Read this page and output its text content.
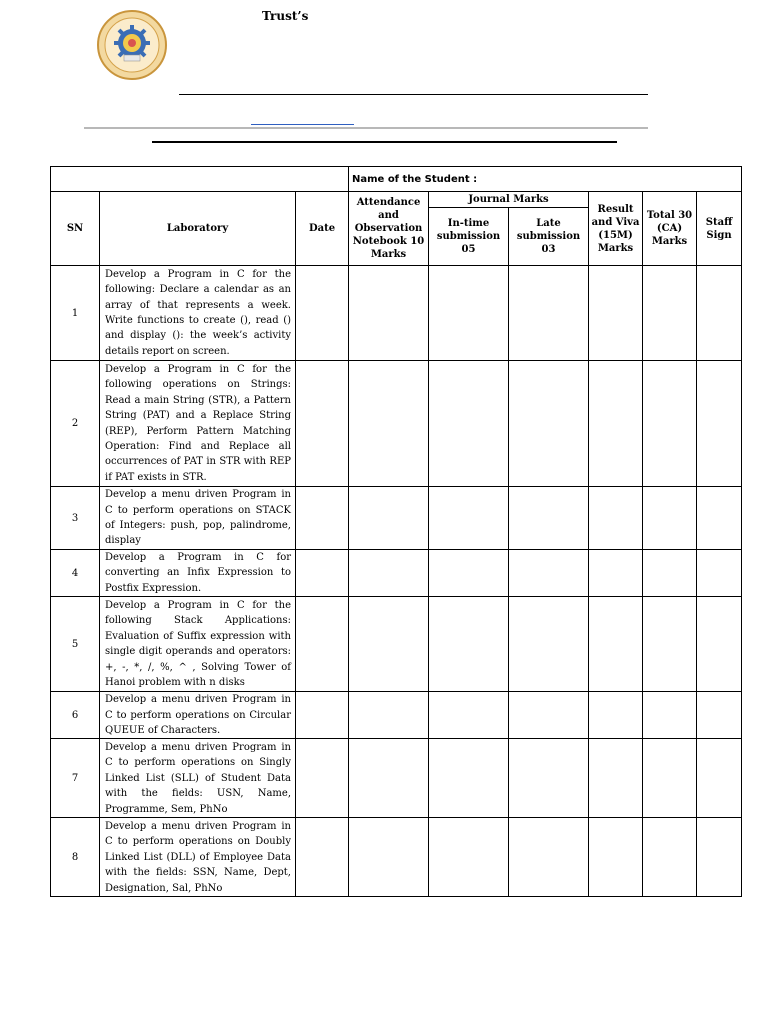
Trust’s
			Name of the Student :					
SN	Laboratory	Date	Attendance and Observation Notebook 10 Marks	Journal Marks		Result and Viva (15M) Marks	Total 30 (CA) Marks	Staff Sign
				In-time submission 05	Late submission 03			
1	Develop a Program in C for the following: Declare a calendar as an array of that represents a week. Write functions to create (), read () and display (): the week’s activity details report on screen.							
2	Develop a Program in C for the following operations on Strings: Read a main String (STR), a Pattern String (PAT) and a Replace String (REP), Perform Pattern Matching Operation: Find and Replace all occurrences of PAT in STR with REP if PAT exists in STR.							
3	Develop a menu driven Program in C to perform operations on STACK of Integers: push, pop, palindrome, display							
4	Develop a Program in C for converting an Infix Expression to Postfix Expression.							
5	Develop a Program in C for the following Stack Applications: Evaluation of Suffix expression with single digit operands and operators: +, -, *, /, %, ^ , Solving Tower of Hanoi problem with n disks							
6	Develop a menu driven Program in C to perform operations on Circular QUEUE of Characters.							
7	Develop a menu driven Program in C to perform operations on Singly Linked List (SLL) of Student Data with the fields: USN, Name, Programme, Sem, PhNo							
8	Develop a menu driven Program in C to perform operations on Doubly Linked List (DLL) of Employee Data with the fields: SSN, Name, Dept, Designation, Sal, PhNo							
